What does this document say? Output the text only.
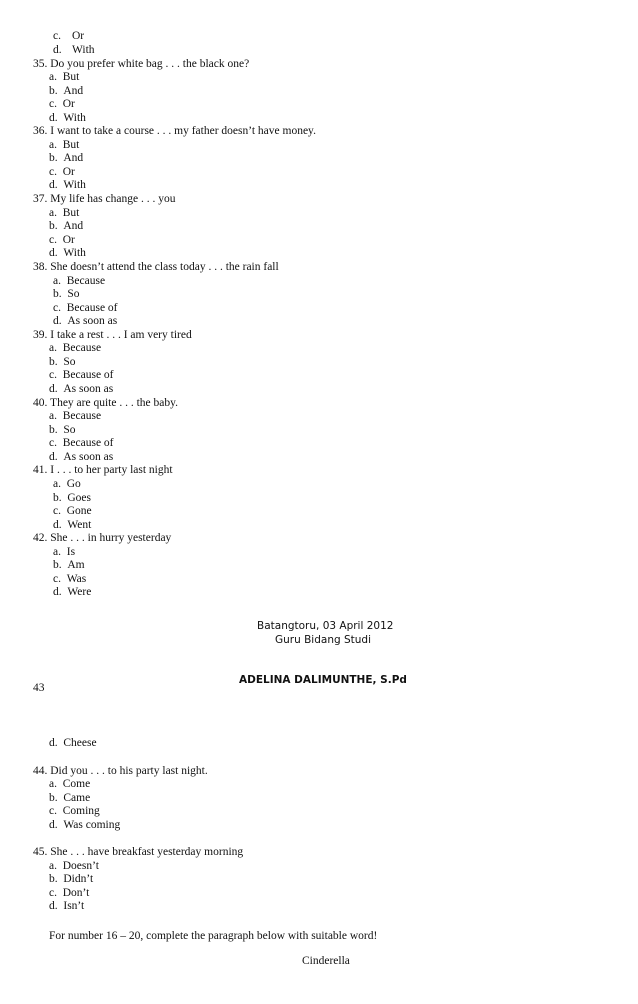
c. Or
d. With
35. Do you prefer white bag . . . the black one?
a. But
b. And
c. Or
d. With
36. I want to take a course . . . my father doesn’t have money.
a. But
b. And
c. Or
d. With
37. My life has change . . . you
a. But
b. And
c. Or
d. With
38. She doesn’t attend the class today . . . the rain fall
a. Because
b. So
c. Because of
d. As soon as
39. I take a rest . . . I am very tired
a. Because
b. So
c. Because of
d. As soon as
40. They are quite . . . the baby.
a. Because
b. So
c. Because of
d. As soon as
41. I . . . to her party last night
a. Go
b. Goes
c. Gone
d. Went
42. She . . . in hurry yesterday
a. Is
b. Am
c. Was
d. Were
Batangtoru, 03 April 2012
Guru Bidang Studi
ADELINA DALIMUNTHE, S.Pd
43
d. Cheese
44. Did you . . . to his party last night.
a. Come
b. Came
c. Coming
d. Was coming
45. She . . . have breakfast yesterday morning
a. Doesn’t
b. Didn’t
c. Don’t
d. Isn’t
For number 16 – 20, complete the paragraph below with suitable word!
Cinderella
